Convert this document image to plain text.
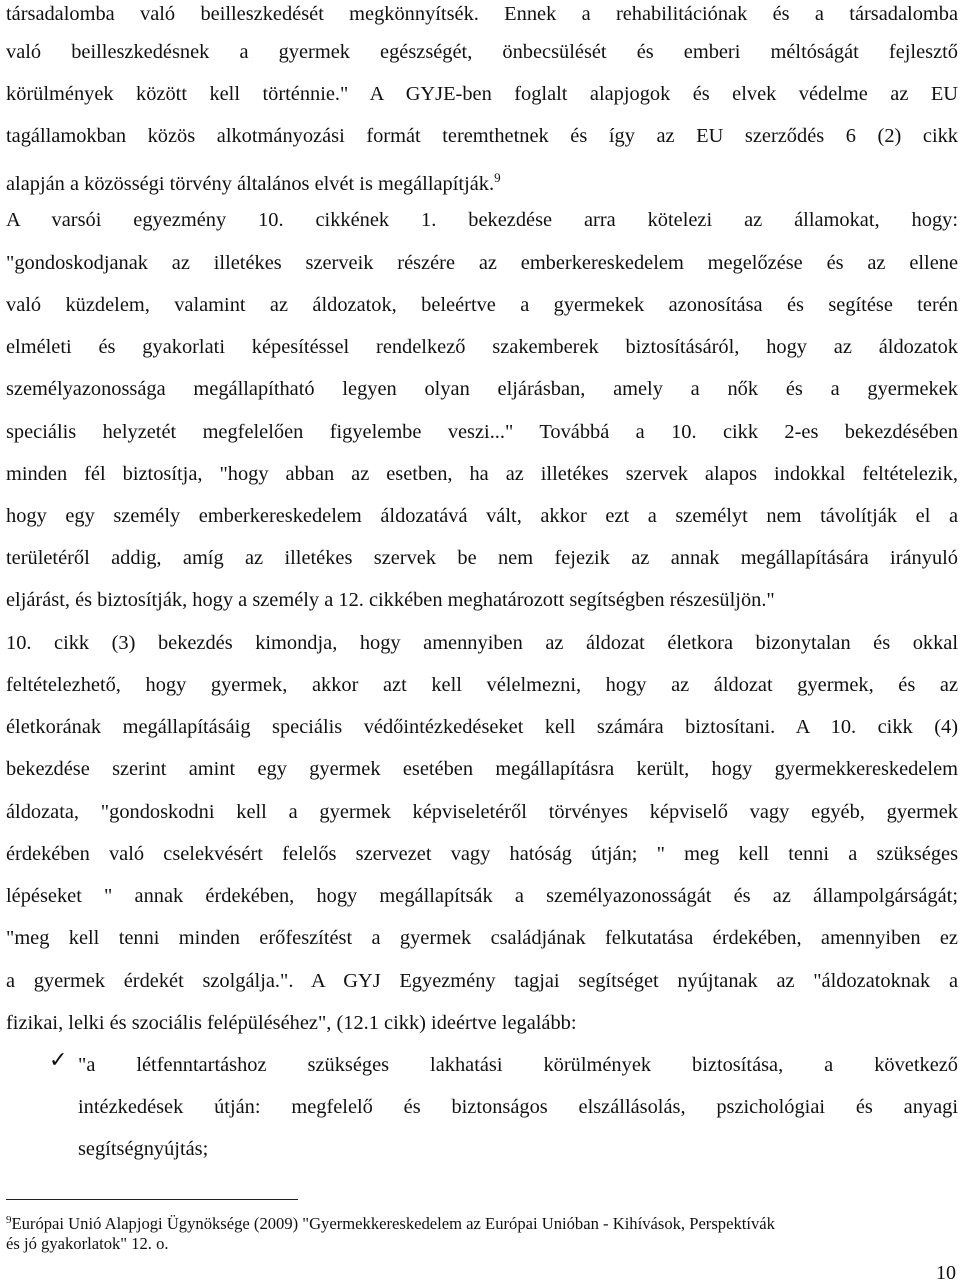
társadalomba való beilleszkedését megkönnyítsék. Ennek a rehabilitációnak és a társadalomba
való beilleszkedésnek a gyermek egészségét, önbecsülését és emberi méltóságát fejlesztő
körülmények között kell történnie." A GYJE-ben foglalt alapjogok és elvek védelme az EU
tagállamokban közös alkotmányozási formát teremthetnek és így az EU szerződés 6 (2) cikk
alapján a közösségi törvény általános elvét is megállapítják.$^9$
A varsói egyezmény 10. cikkének 1. bekezdése arra kötelezi az államokat, hogy:
"gondoskodjanak az illetékes szerveik részére az emberkereskedelem megelőzése és az ellene
való küzdelem, valamint az áldozatok, beleértve a gyermekek azonosítása és segítése terén
elméleti és gyakorlati képesítéssel rendelkező szakemberek biztosításáról, hogy az áldozatok
személyazonossága megállapítható legyen olyan eljárásban, amely a nők és a gyermekek
speciális helyzetét megfelelően figyelembe veszi..." Továbbá a 10. cikk 2-es bekezdésében
minden fél biztosítja, "hogy abban az esetben, ha az illetékes szervek alapos indokkal feltételezik,
hogy egy személy emberkereskedelem áldozatává vált, akkor ezt a személyt nem távolítják el a
területéről addig, amíg az illetékes szervek be nem fejezik az annak megállapítására irányuló
eljárást, és biztosítják, hogy a személy a 12. cikkében meghatározott segítségben részesüljön."
10. cikk (3) bekezdés kimondja, hogy amennyiben az áldozat életkora bizonytalan és okkal
feltételezhető, hogy gyermek, akkor azt kell vélelmezni, hogy az áldozat gyermek, és az
életkorának megállapításáig speciális védőintézkedéseket kell számára biztosítani. A 10. cikk (4)
bekezdése szerint amint egy gyermek esetében megállapításra került, hogy gyermekkereskedelem
áldozata, "gondoskodni kell a gyermek képviseletéről törvényes képviselő vagy egyéb, gyermek
érdekében való cselekvésért felelős szervezet vagy hatóság útján; " meg kell tenni a szükséges
lépéseket " annak érdekében, hogy megállapítsák a személyazonosságát és az állampolgárságát;
"meg kell tenni minden erőfeszítést a gyermek családjának felkutatása érdekében, amennyiben ez
a gyermek érdekét szolgálja.". A GYJ Egyezmény tagjai segítséget nyújtanak az "áldozatoknak a
fizikai, lelki és szociális felépüléséhez", (12.1 cikk) ideértve legalább:
✓ "a létfenntartáshoz szükséges lakhatási körülmények biztosítása, a következő
intézkedések útján: megfelelő és biztonságos elszállásolás, pszichológiai és anyagi
segítségnyújtás;
$^9$Európai Unió Alapjogi Ügynöksége (2009) "Gyermekkereskedelem az Európai Unióban - Kihívások, Perspektívák
és jó gyakorlatok" 12. o.
10
